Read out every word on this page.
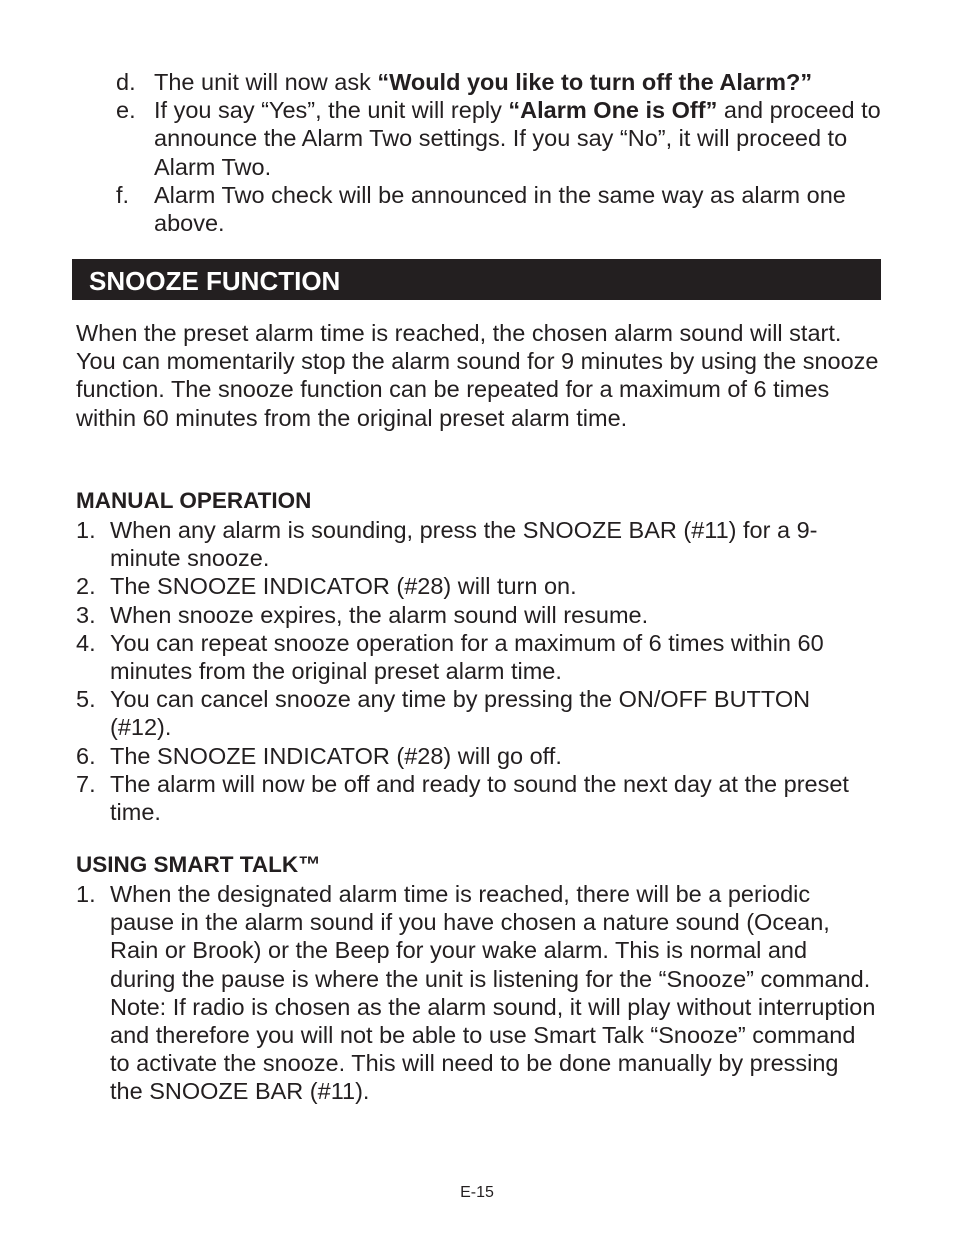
d. The unit will now ask “Would you like to turn off the Alarm?”
e. If you say “Yes”, the unit will reply “Alarm One is Off” and proceed to announce the Alarm Two settings. If you say “No”, it will proceed to Alarm Two.
f. Alarm Two check will be announced in the same way as alarm one above.
SNOOZE FUNCTION

When the preset alarm time is reached, the chosen alarm sound will start. You can momentarily stop the alarm sound for 9 minutes by using the snooze function. The snooze function can be repeated for a maximum of 6 times within 60 minutes from the original preset alarm time.

MANUAL OPERATION
1. When any alarm is sounding, press the SNOOZE BAR (#11) for a 9-minute snooze.
2. The SNOOZE INDICATOR (#28) will turn on.
3. When snooze expires, the alarm sound will resume.
4. You can repeat snooze operation for a maximum of 6 times within 60 minutes from the original preset alarm time.
5. You can cancel snooze any time by pressing the ON/OFF BUTTON (#12).
6. The SNOOZE INDICATOR (#28) will go off.
7. The alarm will now be off and ready to sound the next day at the preset time.
USING SMART TALK™
1. When the designated alarm time is reached, there will be a periodic pause in the alarm sound if you have chosen a nature sound (Ocean, Rain or Brook) or the Beep for your wake alarm. This is normal and during the pause is where the unit is listening for the “Snooze” command.
Note: If radio is chosen as the alarm sound, it will play without interruption and therefore you will not be able to use Smart Talk “Snooze” command to activate the snooze. This will need to be done manually by pressing the SNOOZE BAR (#11).
E-15
